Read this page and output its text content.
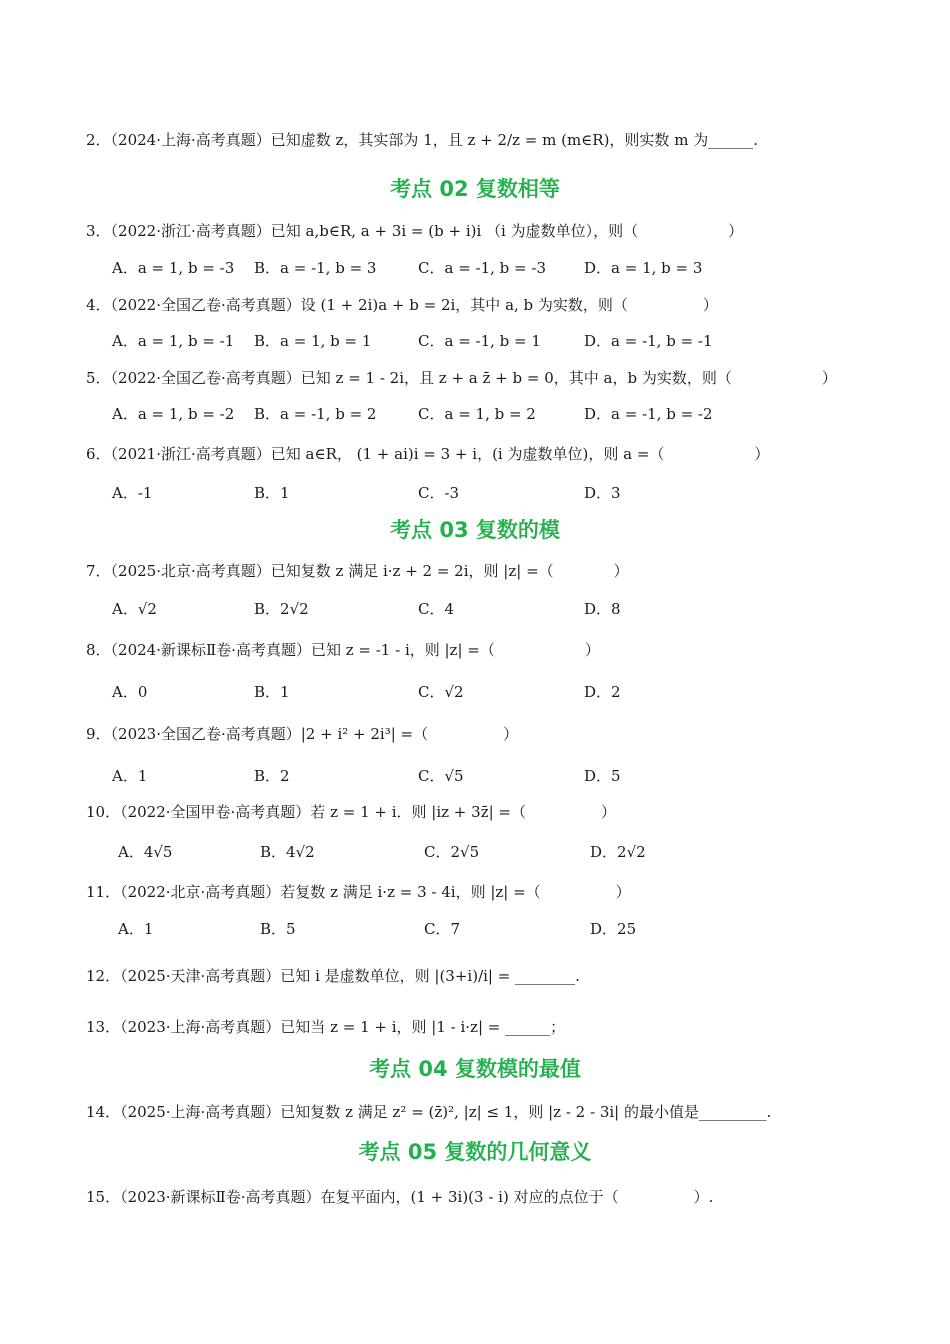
2．（2024·上海·高考真题）已知虚数 z，其实部为 1，且 z + 2/z = m (m∈R)，则实数 m 为______.
考点 02 复数相等
3．（2022·浙江·高考真题）已知 a,b∈R, a + 3i = (b + i)i （i 为虚数单位），则（　　　　　　）
A．a = 1, b = -3 B．a = -1, b = 3	C．a = -1, b = -3	D．a = 1, b = 3
4．（2022·全国乙卷·高考真题）设 (1 + 2i)a + b = 2i，其中 a, b 为实数，则（　　　　　）
A．a = 1, b = -1 B．a = 1, b = 1	C．a = -1, b = 1	D．a = -1, b = -1
5．（2022·全国乙卷·高考真题）已知 z = 1 - 2i，且 z + a z̄ + b = 0，其中 a，b 为实数，则（　　　　　　）
A．a = 1, b = -2 B．a = -1, b = 2	C．a = 1, b = 2	D．a = -1, b = -2
6．（2021·浙江·高考真题）已知 a∈R， (1 + ai)i = 3 + i，(i 为虚数单位)，则 a =（　　　　　　）
A．-1	B．1	C．-3	D．3
考点 03 复数的模
7．（2025·北京·高考真题）已知复数 z 满足 i·z + 2 = 2i，则 |z| =（　　　　）
A．√2	B．2√2	C．4	D．8
8．（2024·新课标Ⅱ卷·高考真题）已知 z = -1 - i，则 |z| =（　　　　　　）
A．0	B．1	C．√2	D．2
9．（2023·全国乙卷·高考真题）|2 + i² + 2i³| =（　　　　　）
A．1	B．2	C．√5	D．5
10．（2022·全国甲卷·高考真题）若 z = 1 + i．则 |iz + 3z̄| =（　　　　　）
A．4√5	B．4√2	C．2√5	D．2√2
11．（2022·北京·高考真题）若复数 z 满足 i·z = 3 - 4i，则 |z| =（　　　　　）
A．1	B．5	C．7	D．25
12．（2025·天津·高考真题）已知 i 是虚数单位，则 |(3+i)/i| = ________.
13．（2023·上海·高考真题）已知当 z = 1 + i，则 |1 - i·z| = ______；
考点 04 复数模的最值
14．（2025·上海·高考真题）已知复数 z 满足 z² = (z̄)², |z| ≤ 1，则 |z - 2 - 3i| 的最小值是_________.
考点 05 复数的几何意义
15．（2023·新课标Ⅱ卷·高考真题）在复平面内，(1 + 3i)(3 - i) 对应的点位于（　　　　　）.
